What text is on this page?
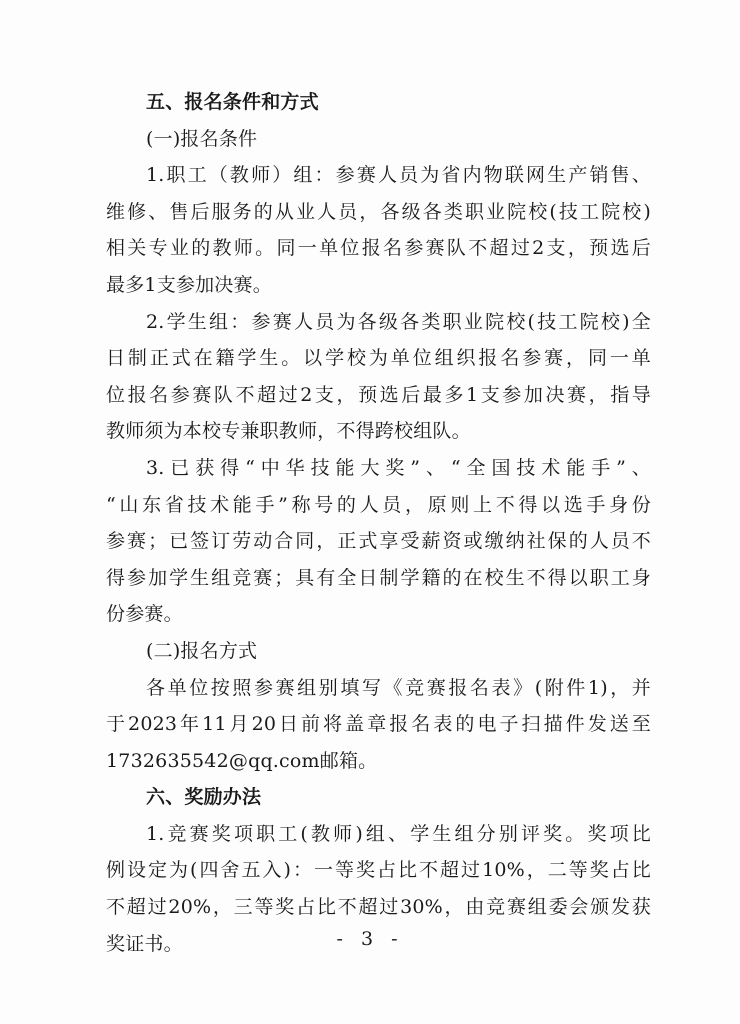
五、报名条件和方式
(一)报名条件
1.职工（教师）组：参赛人员为省内物联网生产销售、
维修、售后服务的从业人员，各级各类职业院校(技工院校)
相关专业的教师。同一单位报名参赛队不超过2支，预选后
最多1支参加决赛。
2.学生组：参赛人员为各级各类职业院校(技工院校)全
日制正式在籍学生。以学校为单位组织报名参赛，同一单
位报名参赛队不超过2支，预选后最多1支参加决赛，指导
教师须为本校专兼职教师，不得跨校组队。
3.已获得“中华技能大奖”、“全国技术能手”、
“山东省技术能手”称号的人员，原则上不得以选手身份
参赛；已签订劳动合同，正式享受薪资或缴纳社保的人员不
得参加学生组竞赛；具有全日制学籍的在校生不得以职工身
份参赛。
(二)报名方式
各单位按照参赛组别填写《竞赛报名表》(附件1)，并
于2023年11月20日前将盖章报名表的电子扫描件发送至
1732635542@qq.com邮箱。
六、奖励办法
1.竞赛奖项职工(教师)组、学生组分别评奖。奖项比
例设定为(四舍五入)：一等奖占比不超过10%，二等奖占比
不超过20%，三等奖占比不超过30%，由竞赛组委会颁发获
奖证书。	- 3 -
